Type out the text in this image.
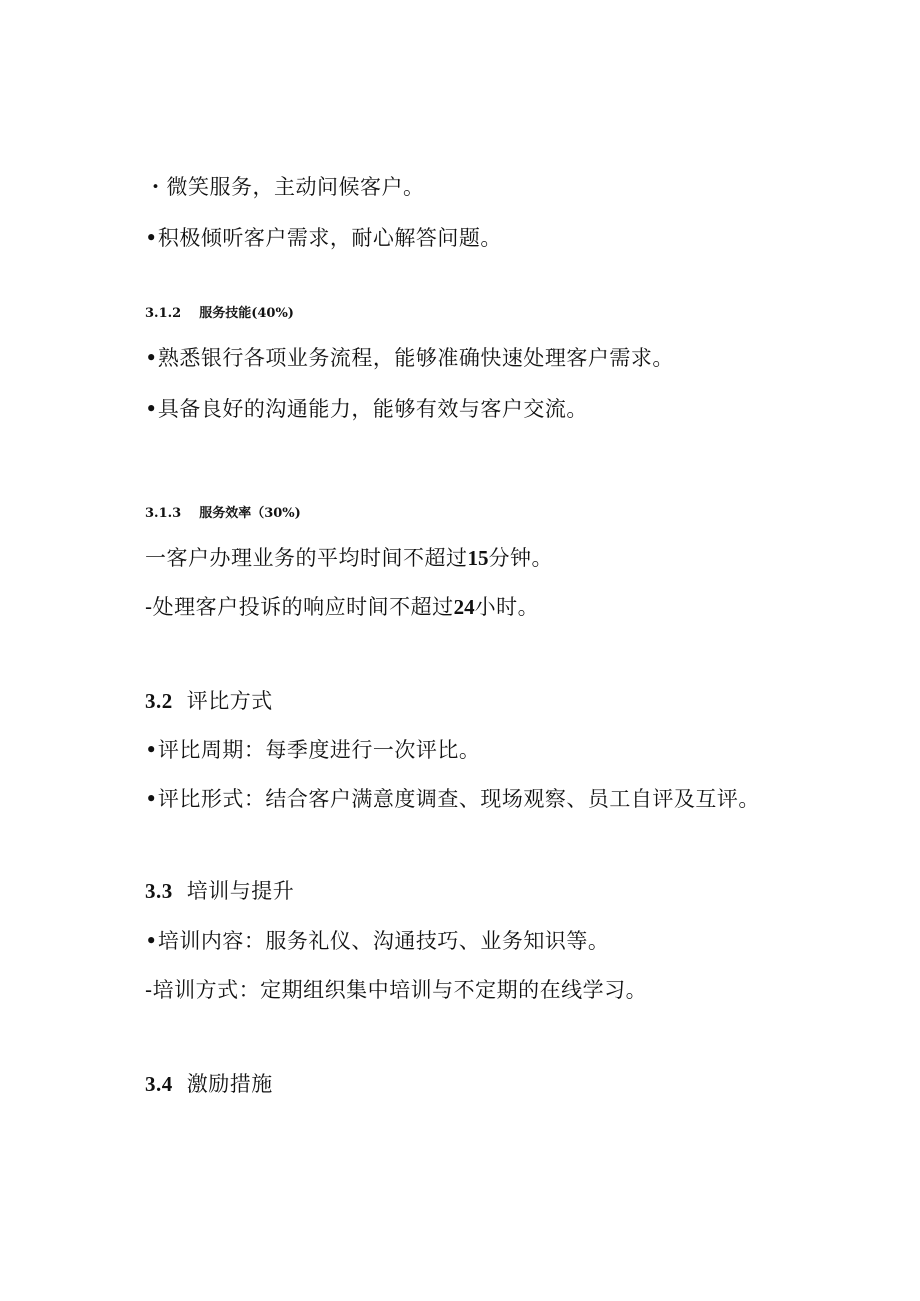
・微笑服务，主动问候客户。
•积极倾听客户需求，耐心解答问题。
3.1.2 服务技能(40%)
•熟悉银行各项业务流程，能够准确快速处理客户需求。
•具备良好的沟通能力，能够有效与客户交流。
3.1.3 服务效率（30%)
一客户办理业务的平均时间不超过15分钟。
-处理客户投诉的响应时间不超过24小时。
3.2 评比方式
•评比周期：每季度进行一次评比。
•评比形式：结合客户满意度调查、现场观察、员工自评及互评。
3.3 培训与提升
•培训内容：服务礼仪、沟通技巧、业务知识等。
-培训方式：定期组织集中培训与不定期的在线学习。
3.4 激励措施
